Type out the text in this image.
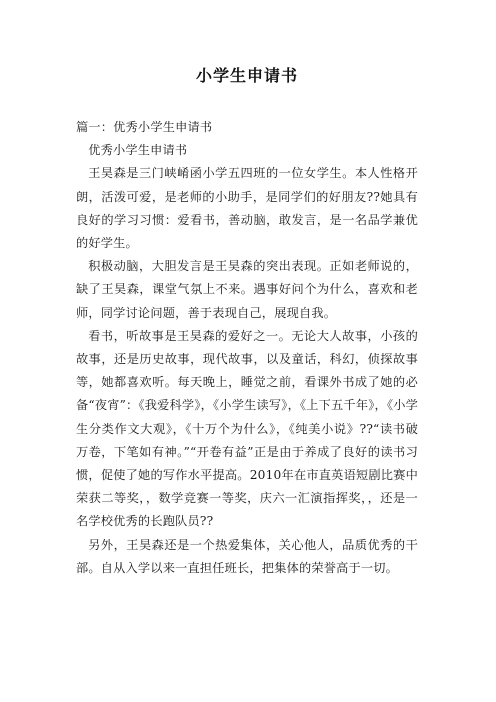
小学生申请书

篇一：优秀小学生申请书

优秀小学生申请书

王昊森是三门峡崤函小学五四班的一位女学生。本人性格开朗，活泼可爱，是老师的小助手，是同学们的好朋友??她具有良好的学习习惯：爱看书，善动脑，敢发言，是一名品学兼优的好学生。

积极动脑，大胆发言是王昊森的突出表现。正如老师说的，缺了王昊森，课堂气氛上不来。遇事好问个为什么，喜欢和老师，同学讨论问题，善于表现自己，展现自我。

看书，听故事是王昊森的爱好之一。无论大人故事，小孩的故事，还是历史故事，现代故事，以及童话，科幻，侦探故事等，她都喜欢听。每天晚上，睡觉之前，看课外书成了她的必备“夜宵”：《我爱科学》，《小学生读写》，《上下五千年》，《小学生分类作文大观》，《十万个为什么》，《纯美小说》??“读书破万卷，下笔如有神。”“开卷有益”正是由于养成了良好的读书习惯，促使了她的写作水平提高。2010年在市直英语短剧比赛中荣获二等奖，，数学竞赛一等奖，庆六一汇演指挥奖，，还是一名学校优秀的长跑队员??

另外，王昊森还是一个热爱集体，关心他人，品质优秀的干部。自从入学以来一直担任班长，把集体的荣誉高于一切。
